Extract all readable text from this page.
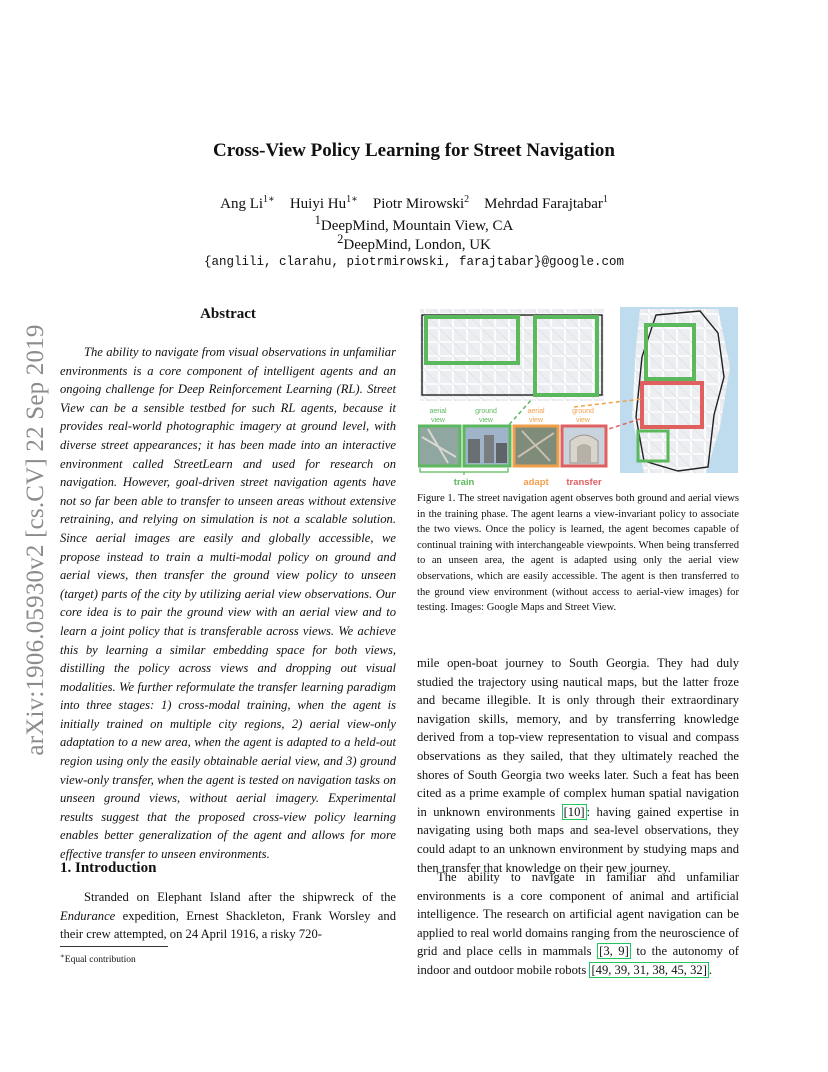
arXiv:1906.05930v2 [cs.CV] 22 Sep 2019
Cross-View Policy Learning for Street Navigation
Ang $Li^{1∗}$ Huiyi $Hu^{1∗}$ Piotr Mirowski$^2$ Mehrdad Farajtabar$^1$
$^1$DeepMind, Mountain View, CA
$^2$DeepMind, London, UK
{anglili, clarahu, piotrmirowski, farajtabar}@google.com
Abstract
The ability to navigate from visual observations in unfamiliar environments is a core component of intelligent agents and an ongoing challenge for Deep Reinforcement Learning (RL). Street View can be a sensible testbed for such RL agents, because it provides real-world photographic imagery at ground level, with diverse street appearances; it has been made into an interactive environment called StreetLearn and used for research on navigation. However, goal-driven street navigation agents have not so far been able to transfer to unseen areas without extensive retraining, and relying on simulation is not a scalable solution. Since aerial images are easily and globally accessible, we propose instead to train a multi-modal policy on ground and aerial views, then transfer the ground view policy to unseen (target) parts of the city by utilizing aerial view observations. Our core idea is to pair the ground view with an aerial view and to learn a joint policy that is transferable across views. We achieve this by learning a similar embedding space for both views, distilling the policy across views and dropping out visual modalities. We further reformulate the transfer learning paradigm into three stages: 1) cross-modal training, when the agent is initially trained on multiple city regions, 2) aerial view-only adaptation to a new area, when the agent is adapted to a held-out region using only the easily obtainable aerial view, and 3) ground view-only transfer, when the agent is tested on navigation tasks on unseen ground views, without aerial imagery. Experimental results suggest that the proposed cross-view policy learning enables better generalization of the agent and allows for more effective transfer to unseen environments.
1. Introduction
Stranded on Elephant Island after the shipwreck of the Endurance expedition, Ernest Shackleton, Frank Worsley and their crew attempted, on 24 April 1916, a risky 720-
∗Equal contribution
aerial
view
ground
view
aerial
view
ground
view
train	adapt transfer
Figure 1. The street navigation agent observes both ground and aerial views in the training phase. The agent learns a view-invariant policy to associate the two views. Once the policy is learned, the agent becomes capable of continual training with interchangeable viewpoints. When being transferred to an unseen area, the agent is adapted using only the aerial view observations, which are easily accessible. The agent is then transferred to the ground view environment (without access to aerial-view images) for testing. Images: Google Maps and Street View.
mile open-boat journey to South Georgia. They had duly studied the trajectory using nautical maps, but the latter froze and became illegible. It is only through their extraordinary navigation skills, memory, and by transferring knowledge derived from a top-view representation to visual and compass observations as they sailed, that they ultimately reached the shores of South Georgia two weeks later. Such a feat has been cited as a prime example of complex human spatial navigation in unknown environments [10] : having gained expertise in navigating using both maps and sea-level observations, they could adapt to an unknown environment by studying maps and then transfer that knowledge on their new journey.
The ability to navigate in familiar and unfamiliar environments is a core component of animal and artificial intelligence. The research on artificial agent navigation can be applied to real world domains ranging from the neuroscience of grid and place cells in mammals [3, 9] to the autonomy of indoor and outdoor mobile robots [49, 39, 31, 38, 45, 32] .
